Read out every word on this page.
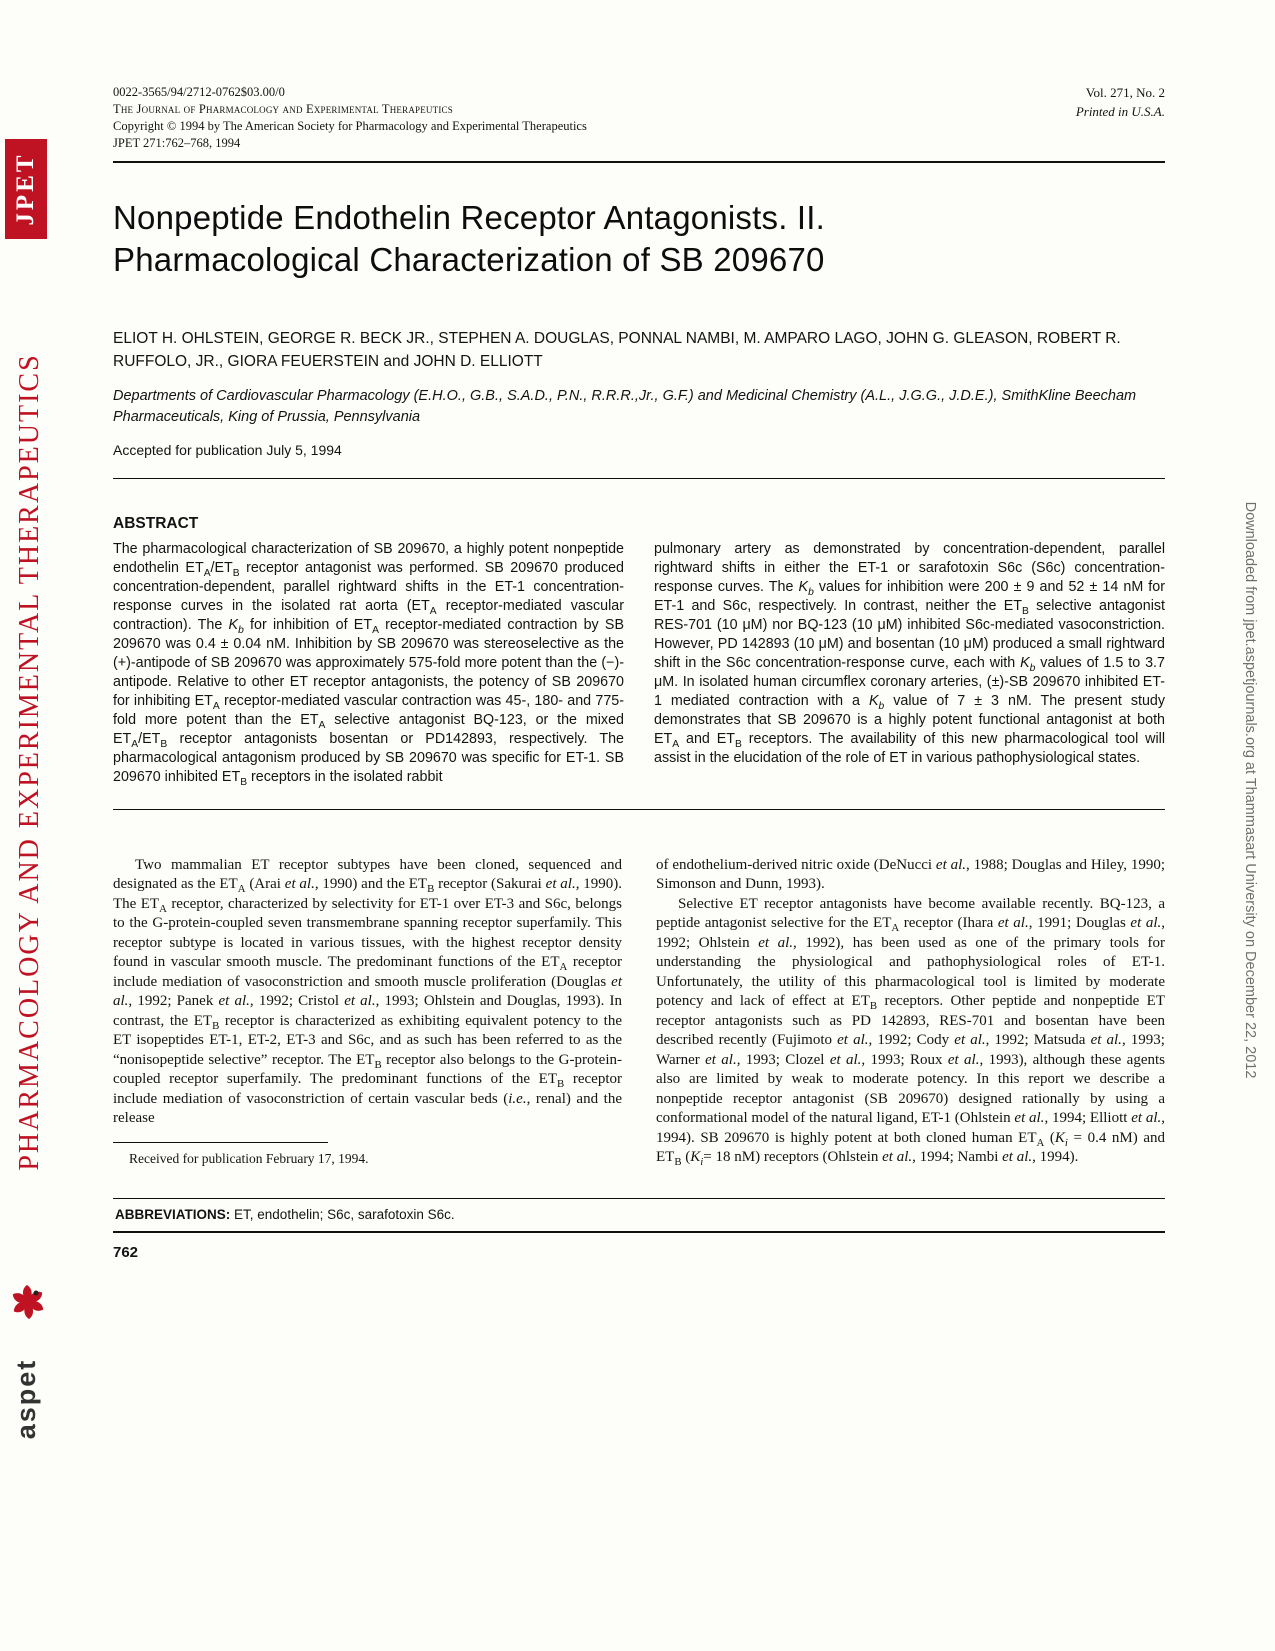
JPET
PHARMACOLOGY AND EXPERIMENTAL THERAPEUTICS
aspet
Downloaded from jpet.aspetjournals.org at Thammasart University on December 22, 2012
0022-3565/94/2712-0762$03.00/0
The Journal of Pharmacology and Experimental Therapeutics
Copyright © 1994 by The American Society for Pharmacology and Experimental Therapeutics
JPET 271:762–768, 1994
Vol. 271, No. 2
Printed in U.S.A.
Nonpeptide Endothelin Receptor Antagonists. II.
Pharmacological Characterization of SB 209670
ELIOT H. OHLSTEIN, GEORGE R. BECK JR., STEPHEN A. DOUGLAS, PONNAL NAMBI, M. AMPARO LAGO, JOHN G. GLEASON, ROBERT R. RUFFOLO, JR., GIORA FEUERSTEIN and JOHN D. ELLIOTT
Departments of Cardiovascular Pharmacology (E.H.O., G.B., S.A.D., P.N., R.R.R.,Jr., G.F.) and Medicinal Chemistry (A.L., J.G.G., J.D.E.), SmithKline Beecham Pharmaceuticals, King of Prussia, Pennsylvania
Accepted for publication July 5, 1994
ABSTRACT
The pharmacological characterization of SB 209670, a highly potent nonpeptide endothelin $ET_A/ET_B$ receptor antagonist was performed. SB 209670 produced concentration-dependent, parallel rightward shifts in the ET-1 concentration-response curves in the isolated rat aorta ($ET_A$ receptor-mediated vascular contraction). The $K_b$ for inhibition of $ET_A$ receptor-mediated contraction by SB 209670 was 0.4 ± 0.04 nM. Inhibition by SB 209670 was stereoselective as the (+)-antipode of SB 209670 was approximately 575-fold more potent than the (−)-antipode. Relative to other ET receptor antagonists, the potency of SB 209670 for inhibiting $ET_A$ receptor-mediated vascular contraction was 45-, 180- and 775-fold more potent than the $ET_A$ selective antagonist BQ-123, or the mixed $ET_A/ET_B$ receptor antagonists bosentan or PD142893, respectively. The pharmacological antagonism produced by SB 209670 was specific for ET-1. SB 209670 inhibited $ET_B$ receptors in the isolated rabbit
pulmonary artery as demonstrated by concentration-dependent, parallel rightward shifts in either the ET-1 or sarafotoxin S6c (S6c) concentration-response curves. The $K_b$ values for inhibition were 200 ± 9 and 52 ± 14 nM for ET-1 and S6c, respectively. In contrast, neither the $ET_B$ selective antagonist RES-701 (10 μM) nor BQ-123 (10 μM) inhibited S6c-mediated vasoconstriction. However, PD 142893 (10 μM) and bosentan (10 μM) produced a small rightward shift in the S6c concentration-response curve, each with $K_b$ values of 1.5 to 3.7 μM. In isolated human circumflex coronary arteries, (±)-SB 209670 inhibited ET-1 mediated contraction with a $K_b$ value of 7 ± 3 nM. The present study demonstrates that SB 209670 is a highly potent functional antagonist at both $ET_A$ and $ET_B$ receptors. The availability of this new pharmacological tool will assist in the elucidation of the role of ET in various pathophysiological states.

Two mammalian ET receptor subtypes have been cloned, sequenced and designated as the $ET_A$ (Arai et al., 1990) and the $ET_B$ receptor (Sakurai et al., 1990). The $ET_A$ receptor, characterized by selectivity for ET-1 over ET-3 and S6c, belongs to the G-protein-coupled seven transmembrane spanning receptor superfamily. This receptor subtype is located in various tissues, with the highest receptor density found in vascular smooth muscle. The predominant functions of the $ET_A$ receptor include mediation of vasoconstriction and smooth muscle proliferation (Douglas et al., 1992; Panek et al., 1992; Cristol et al., 1993; Ohlstein and Douglas, 1993). In contrast, the $ET_B$ receptor is characterized as exhibiting equivalent potency to the ET isopeptides ET-1, ET-2, ET-3 and S6c, and as such has been referred to as the “nonisopeptide selective” receptor. The $ET_B$ receptor also belongs to the G-protein-coupled receptor superfamily. The predominant functions of the $ET_B$ receptor include mediation of vasoconstriction of certain vascular beds (i.e., renal) and the release

Received for publication February 17, 1994.

of endothelium-derived nitric oxide (DeNucci et al., 1988; Douglas and Hiley, 1990; Simonson and Dunn, 1993).

Selective ET receptor antagonists have become available recently. BQ-123, a peptide antagonist selective for the $ET_A$ receptor (Ihara et al., 1991; Douglas et al., 1992; Ohlstein et al., 1992), has been used as one of the primary tools for understanding the physiological and pathophysiological roles of ET-1. Unfortunately, the utility of this pharmacological tool is limited by moderate potency and lack of effect at $ET_B$ receptors. Other peptide and nonpeptide ET receptor antagonists such as PD 142893, RES-701 and bosentan have been described recently (Fujimoto et al., 1992; Cody et al., 1992; Matsuda et al., 1993; Warner et al., 1993; Clozel et al., 1993; Roux et al., 1993), although these agents also are limited by weak to moderate potency. In this report we describe a nonpeptide receptor antagonist (SB 209670) designed rationally by using a conformational model of the natural ligand, ET-1 (Ohlstein et al., 1994; Elliott et al., 1994). SB 209670 is highly potent at both cloned human $ET_A$ ($K_i = 0.4$ nM) and $ET_B$ ($K_i= 18$ nM) receptors (Ohlstein et al., 1994; Nambi et al., 1994).

ABBREVIATIONS: ET, endothelin; S6c, sarafotoxin S6c.
762
